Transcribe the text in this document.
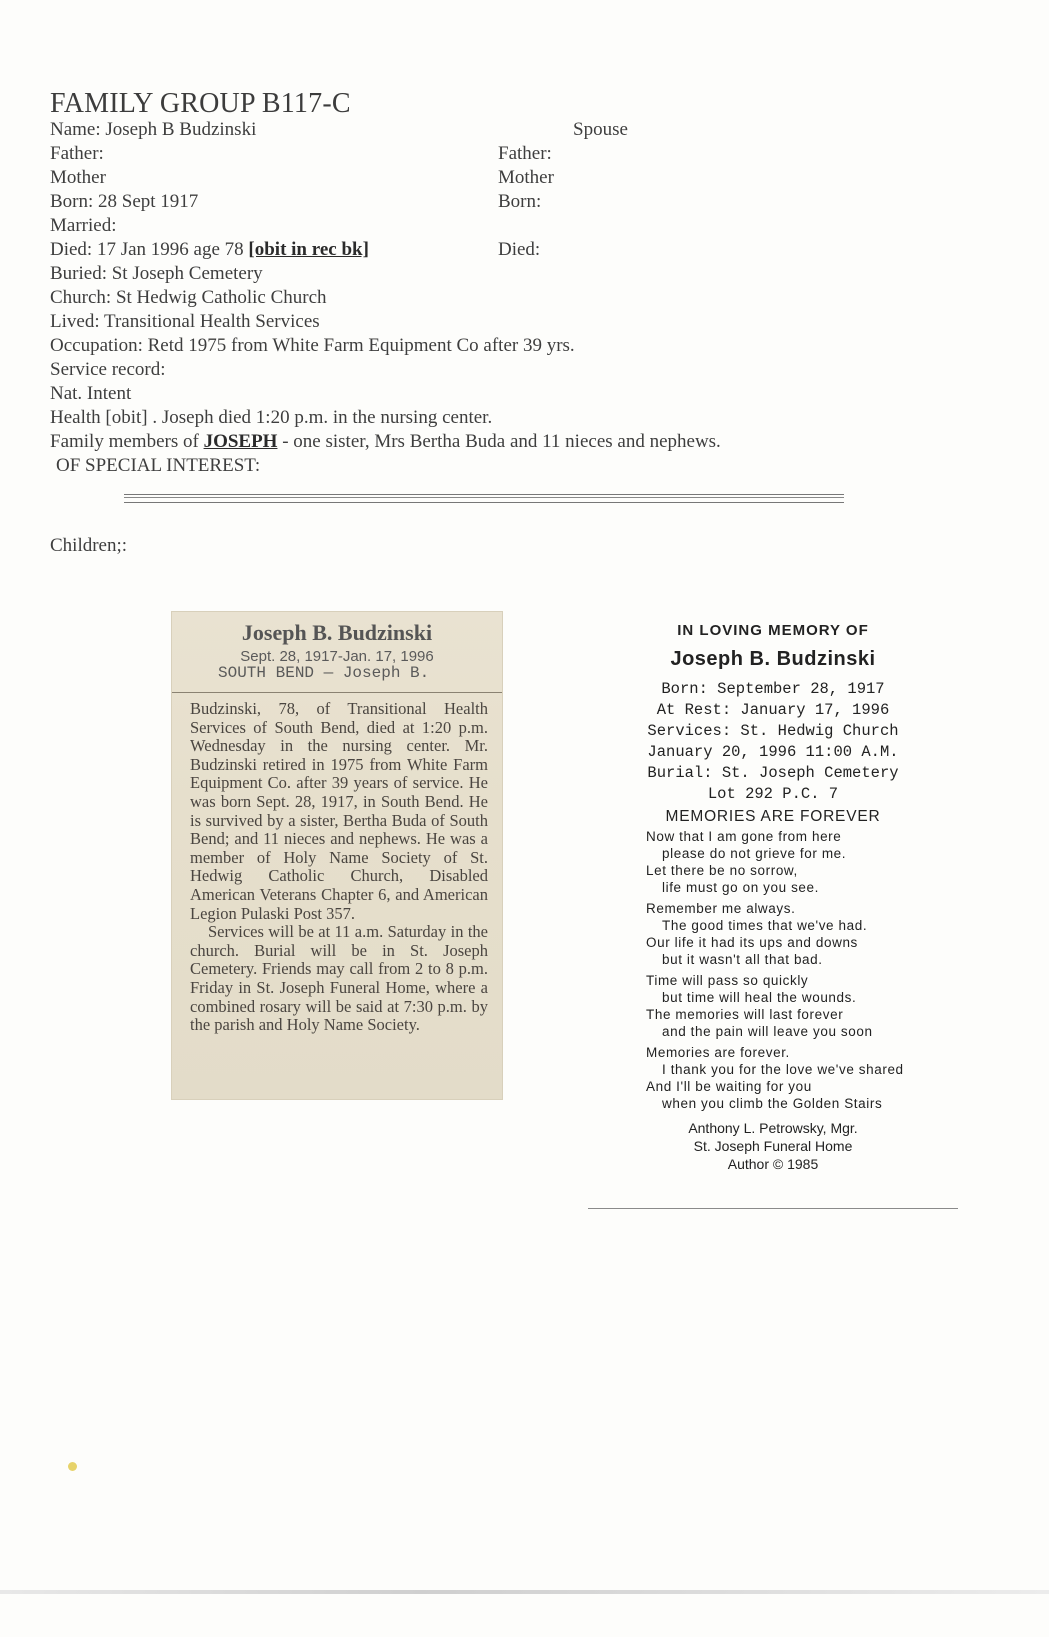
FAMILY GROUP B117-C
Name: Joseph B Budzinski
Father:
Mother
Born: 28 Sept 1917
Married:
Died: 17 Jan 1996 age 78 [obit in rec bk]
Buried: St Joseph Cemetery
Church: St Hedwig Catholic Church
Lived: Transitional Health Services
Occupation: Retd 1975 from White Farm Equipment Co after 39 yrs.
Service record:
Nat. Intent
Health [obit] . Joseph died 1:20 p.m. in the nursing center.
Family members of JOSEPH - one sister, Mrs Bertha Buda and 11 nieces and nephews.
OF SPECIAL INTEREST:
Spouse
Father:
Mother
Born:
Died:
Children;:
Joseph B. Budzinski
Sept. 28, 1917-Jan. 17, 1996
SOUTH BEND — Joseph B.

Budzinski, 78, of Transitional Health Services of South Bend, died at 1:20 p.m. Wednesday in the nursing center. Mr. Budzinski retired in 1975 from White Farm Equipment Co. after 39 years of service. He was born Sept. 28, 1917, in South Bend. He is survived by a sister, Bertha Buda of South Bend; and 11 nieces and nephews. He was a member of Holy Name Society of St. Hedwig Catholic Church, Disabled American Veterans Chapter 6, and American Legion Pulaski Post 357.

Services will be at 11 a.m. Saturday in the church. Burial will be in St. Joseph Cemetery. Friends may call from 2 to 8 p.m. Friday in St. Joseph Funeral Home, where a combined rosary will be said at 7:30 p.m. by the parish and Holy Name Society.

IN LOVING MEMORY OF
Joseph B. Budzinski
Born: September 28, 1917
At Rest: January 17, 1996
Services: St. Hedwig Church
January 20, 1996 11:00 A.M.
Burial: St. Joseph Cemetery
Lot 292 P.C. 7
MEMORIES ARE FOREVER
Now that I am gone from here
please do not grieve for me.
Let there be no sorrow,
life must go on you see.
Remember me always.
The good times that we've had.
Our life it had its ups and downs
but it wasn't all that bad.
Time will pass so quickly
but time will heal the wounds.
The memories will last forever
and the pain will leave you soon
Memories are forever.
I thank you for the love we've shared
And I'll be waiting for you
when you climb the Golden Stairs
Anthony L. Petrowsky, Mgr.
St. Joseph Funeral Home
Author © 1985
